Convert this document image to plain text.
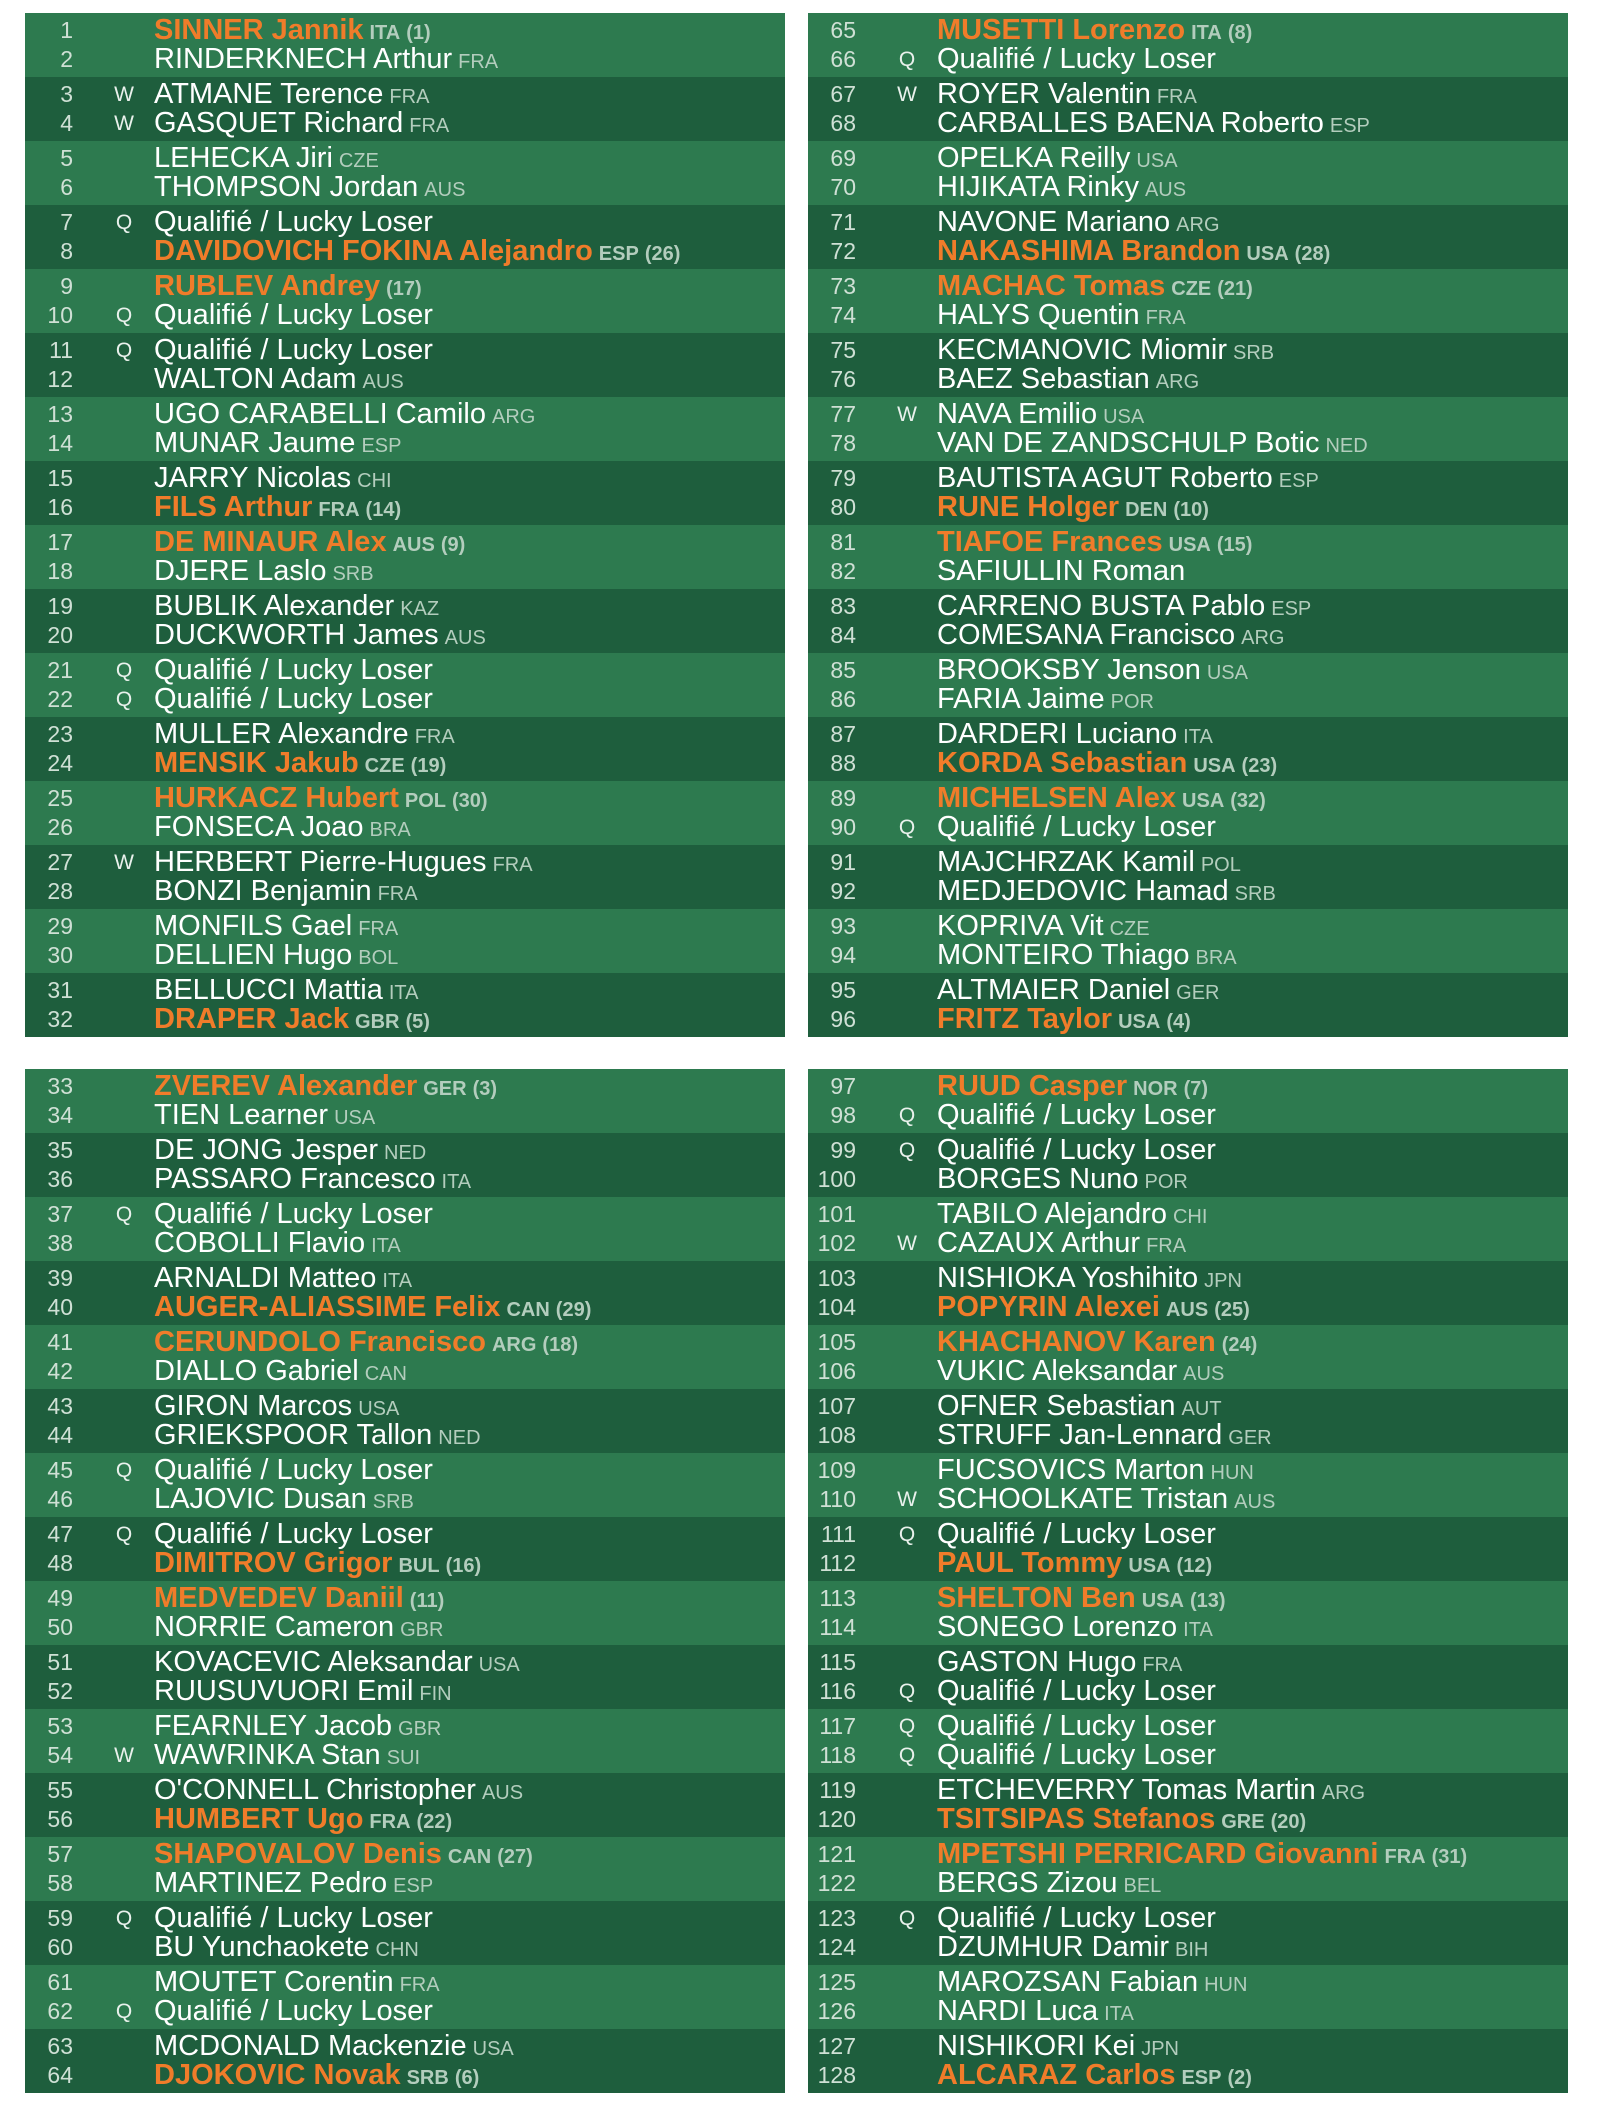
1	SINNER Jannik ITA (1)
2	RINDERKNECH Arthur FRA
3 W ATMANE Terence FRA
4 W GASQUET Richard FRA
5	LEHECKA Jiri CZE
6	THOMPSON Jordan AUS
7 Q Qualifié / Lucky Loser
8	DAVIDOVICH FOKINA Alejandro ESP (26)
9	RUBLEV Andrey (17)
10 Q Qualifié / Lucky Loser
11 Q Qualifié / Lucky Loser
12	WALTON Adam AUS
13	UGO CARABELLI Camilo ARG
14	MUNAR Jaume ESP
15	JARRY Nicolas CHI
16	FILS Arthur FRA (14)
17	DE MINAUR Alex AUS (9)
18	DJERE Laslo SRB
19	BUBLIK Alexander KAZ
20	DUCKWORTH James AUS
21 Q Qualifié / Lucky Loser
22 Q Qualifié / Lucky Loser
23	MULLER Alexandre FRA
24	MENSIK Jakub CZE (19)
25	HURKACZ Hubert POL (30)
26	FONSECA Joao BRA
27 W HERBERT Pierre-Hugues FRA
28	BONZI Benjamin FRA
29	MONFILS Gael FRA
30	DELLIEN Hugo BOL
31	BELLUCCI Mattia ITA
32	DRAPER Jack GBR (5)
65	MUSETTI Lorenzo ITA (8)
66 Q Qualifié / Lucky Loser
67 W ROYER Valentin FRA
68	CARBALLES BAENA Roberto ESP
69	OPELKA Reilly USA
70	HIJIKATA Rinky AUS
71	NAVONE Mariano ARG
72	NAKASHIMA Brandon USA (28)
73	MACHAC Tomas CZE (21)
74	HALYS Quentin FRA
75	KECMANOVIC Miomir SRB
76	BAEZ Sebastian ARG
77 W NAVA Emilio USA
78	VAN DE ZANDSCHULP Botic NED
79	BAUTISTA AGUT Roberto ESP
80	RUNE Holger DEN (10)
81	TIAFOE Frances USA (15)
82	SAFIULLIN Roman
83	CARRENO BUSTA Pablo ESP
84	COMESANA Francisco ARG
85	BROOKSBY Jenson USA
86	FARIA Jaime POR
87	DARDERI Luciano ITA
88	KORDA Sebastian USA (23)
89	MICHELSEN Alex USA (32)
90 Q Qualifié / Lucky Loser
91	MAJCHRZAK Kamil POL
92	MEDJEDOVIC Hamad SRB
93	KOPRIVA Vit CZE
94	MONTEIRO Thiago BRA
95	ALTMAIER Daniel GER
96	FRITZ Taylor USA (4)
33	ZVEREV Alexander GER (3)
34	TIEN Learner USA
35	DE JONG Jesper NED
36	PASSARO Francesco ITA
37 Q Qualifié / Lucky Loser
38	COBOLLI Flavio ITA
39	ARNALDI Matteo ITA
40	AUGER-ALIASSIME Felix CAN (29)
41	CERUNDOLO Francisco ARG (18)
42	DIALLO Gabriel CAN
43	GIRON Marcos USA
44	GRIEKSPOOR Tallon NED
45 Q Qualifié / Lucky Loser
46	LAJOVIC Dusan SRB
47 Q Qualifié / Lucky Loser
48	DIMITROV Grigor BUL (16)
49	MEDVEDEV Daniil (11)
50	NORRIE Cameron GBR
51	KOVACEVIC Aleksandar USA
52	RUUSUVUORI Emil FIN
53	FEARNLEY Jacob GBR
54 W WAWRINKA Stan SUI
55	O'CONNELL Christopher AUS
56	HUMBERT Ugo FRA (22)
57	SHAPOVALOV Denis CAN (27)
58	MARTINEZ Pedro ESP
59 Q Qualifié / Lucky Loser
60	BU Yunchaokete CHN
61	MOUTET Corentin FRA
62 Q Qualifié / Lucky Loser
63	MCDONALD Mackenzie USA
64	DJOKOVIC Novak SRB (6)
97	RUUD Casper NOR (7)
98 Q Qualifié / Lucky Loser
99 Q Qualifié / Lucky Loser
100	BORGES Nuno POR
101	TABILO Alejandro CHI
102 W CAZAUX Arthur FRA
103	NISHIOKA Yoshihito JPN
104	POPYRIN Alexei AUS (25)
105	KHACHANOV Karen (24)
106	VUKIC Aleksandar AUS
107	OFNER Sebastian AUT
108	STRUFF Jan-Lennard GER
109	FUCSOVICS Marton HUN
110 W SCHOOLKATE Tristan AUS
111 Q Qualifié / Lucky Loser
112	PAUL Tommy USA (12)
113	SHELTON Ben USA (13)
114	SONEGO Lorenzo ITA
115	GASTON Hugo FRA
116 Q Qualifié / Lucky Loser
117 Q Qualifié / Lucky Loser
118 Q Qualifié / Lucky Loser
119	ETCHEVERRY Tomas Martin ARG
120	TSITSIPAS Stefanos GRE (20)
121	MPETSHI PERRICARD Giovanni FRA (31)
122	BERGS Zizou BEL
123 Q Qualifié / Lucky Loser
124	DZUMHUR Damir BIH
125	MAROZSAN Fabian HUN
126	NARDI Luca ITA
127	NISHIKORI Kei JPN
128	ALCARAZ Carlos ESP (2)
